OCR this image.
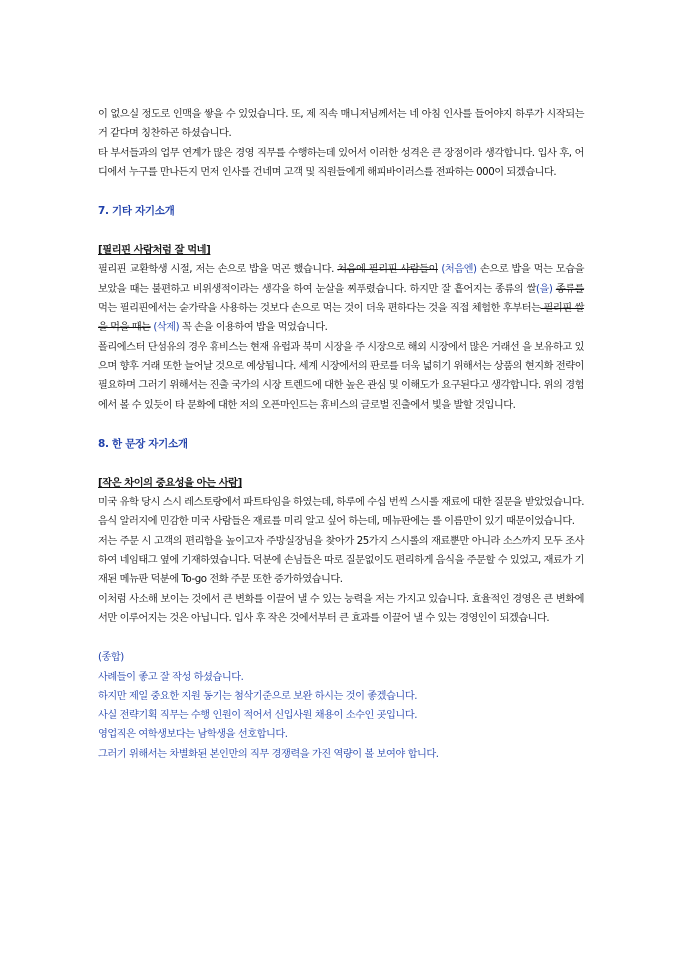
이 없으실 정도로 인맥을 쌓을 수 있었습니다. 또, 제 직속 매니저님께서는 네 아침 인사를 들어야지 하루가 시작되는 거 같다며 칭찬하곤 하셨습니다.

타 부서들과의 업무 연계가 많은 경영 직무를 수행하는데 있어서 이러한 성격은 큰 장점이라 생각합니다. 입사 후, 어디에서 누구를 만나든지 먼저 인사를 건네며 고객 및 직원들에게 해피바이러스를 전파하는 000이 되겠습니다.

7. 기타 자기소개

[필리핀 사람처럼 잘 먹네]

필리핀 교환학생 시절, 저는 손으로 밥을 먹곤 했습니다. 처음에 필리핀 사람들이 (처음엔) 손으로 밥을 먹는 모습을 보았을 때는 불편하고 비위생적이라는 생각을 하여 눈살을 찌푸렸습니다. 하지만 잘 흩어지는 종류의 쌀(을) 종류를 먹는 필리핀에서는 숟가락을 사용하는 것보다 손으로 먹는 것이 더욱 편하다는 것을 직접 체험한 후부터는 필리핀 쌀을 먹을 때는 (삭제) 꼭 손을 이용하여 밥을 먹었습니다.

폴리에스터 단섬유의 경우 휴비스는 현재 유럽과 북미 시장을 주 시장으로 해외 시장에서 많은 거래선 을 보유하고 있으며 향후 거래 또한 늘어날 것으로 예상됩니다. 세계 시장에서의 판로를 더욱 넓히기 위해서는 상품의 현지화 전략이 필요하며 그러기 위해서는 진출 국가의 시장 트렌드에 대한 높은 관심 및 이해도가 요구된다고 생각합니다. 위의 경험에서 볼 수 있듯이 타 문화에 대한 저의 오픈마인드는 휴비스의 글로벌 진출에서 빛을 발할 것입니다.

8. 한 문장 자기소개

[작은 차이의 중요성을 아는 사람]

미국 유학 당시 스시 레스토랑에서 파트타임을 하였는데, 하루에 수십 번씩 스시롤 재료에 대한 질문을 받았었습니다. 음식 알러지에 민감한 미국 사람들은 재료를 미리 알고 싶어 하는데, 메뉴판에는 롤 이름만이 있기 때문이었습니다.

저는 주문 시 고객의 편리함을 높이고자 주방실장님을 찾아가 25가지 스시롤의 재료뿐만 아니라 소스까지 모두 조사하여 네임태그 옆에 기재하였습니다. 덕분에 손님들은 따로 질문없이도 편리하게 음식을 주문할 수 있었고, 재료가 기재된 메뉴판 덕분에 To-go 전화 주문 또한 증가하였습니다.

이처럼 사소해 보이는 것에서 큰 변화를 이끌어 낼 수 있는 능력을 저는 가지고 있습니다. 효율적인 경영은 큰 변화에서만 이루어지는 것은 아닙니다. 입사 후 작은 것에서부터 큰 효과를 이끌어 낼 수 있는 경영인이 되겠습니다.

(종합)

사례들이 좋고 잘 작성 하셨습니다.

하지만 제일 중요한 지원 동기는 첨삭기준으로 보완 하시는 것이 좋겠습니다.

사실 전략기획 직무는 수행 인원이 적어서 신입사원 채용이 소수인 곳입니다.

영업직은 여학생보다는 남학생을 선호합니다.

그러기 위해서는 차별화된 본인만의 직무 경쟁력을 가진 역량이 볼 보여야 합니다.
